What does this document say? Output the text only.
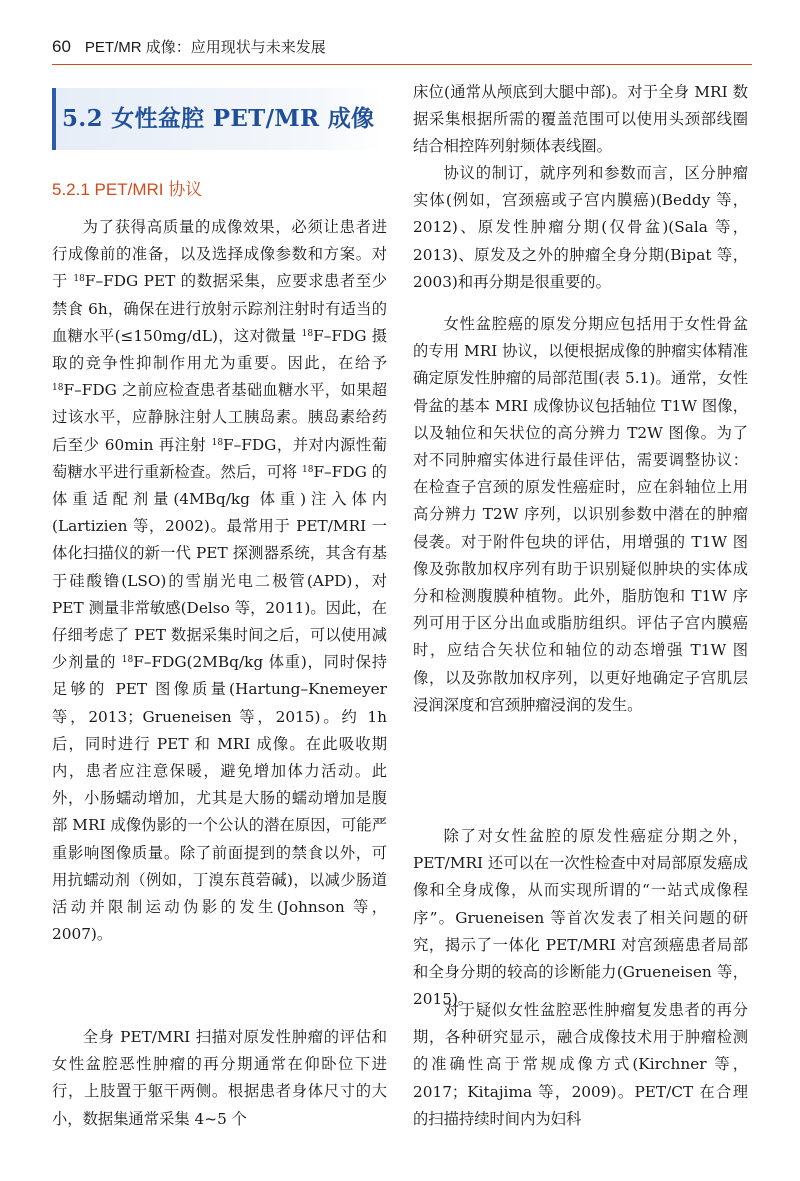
60 PET/MR 成像：应用现状与未来发展
5.2 女性盆腔 PET/MR 成像
5.2.1 PET/MRI 协议

为了获得高质量的成像效果，必须让患者进行成像前的准备，以及选择成像参数和方案。对于 $^{18}$F–FDG PET 的数据采集，应要求患者至少禁食 6h，确保在进行放射示踪剂注射时有适当的血糖水平(≤150mg/dL)，这对微量 $^{18}$F–FDG 摄取的竞争性抑制作用尤为重要。因此，在给予 $^{18}$F–FDG 之前应检查患者基础血糖水平，如果超过该水平，应静脉注射人工胰岛素。胰岛素给药后至少 60min 再注射 $^{18}$F–FDG，并对内源性葡萄糖水平进行重新检查。然后，可将 $^{18}$F–FDG 的体重适配剂量(4MBq/kg 体重)注入体内(Lartizien 等，2002)。最常用于 PET/MRI 一体化扫描仪的新一代 PET 探测器系统，其含有基于硅酸镥(LSO)的雪崩光电二极管(APD)，对 PET 测量非常敏感(Delso 等，2011)。因此，在仔细考虑了 PET 数据采集时间之后，可以使用减少剂量的 $^{18}$F–FDG(2MBq/kg 体重)，同时保持足够的 PET 图像质量(Hartung–Knemeyer 等，2013；Grueneisen 等，2015)。约 1h 后，同时进行 PET 和 MRI 成像。在此吸收期内，患者应注意保暖，避免增加体力活动。此外，小肠蠕动增加，尤其是大肠的蠕动增加是腹部 MRI 成像伪影的一个公认的潜在原因，可能严重影响图像质量。除了前面提到的禁食以外，可用抗蠕动剂（例如，丁溴东莨菪碱)，以减少肠道活动并限制运动伪影的发生(Johnson 等，2007)。

全身 PET/MRI 扫描对原发性肿瘤的评估和女性盆腔恶性肿瘤的再分期通常在仰卧位下进行，上肢置于躯干两侧。根据患者身体尺寸的大小，数据集通常采集 4~5 个

床位(通常从颅底到大腿中部)。对于全身 MRI 数据采集根据所需的覆盖范围可以使用头颈部线圈结合相控阵列射频体表线圈。

协议的制订，就序列和参数而言，区分肿瘤实体(例如，宫颈癌或子宫内膜癌)(Beddy 等，2012)、原发性肿瘤分期(仅骨盆)(Sala 等，2013)、原发及之外的肿瘤全身分期(Bipat 等，2003)和再分期是很重要的。

女性盆腔癌的原发分期应包括用于女性骨盆的专用 MRI 协议，以便根据成像的肿瘤实体精准确定原发性肿瘤的局部范围(表 5.1)。通常，女性骨盆的基本 MRI 成像协议包括轴位 T1W 图像，以及轴位和矢状位的高分辨力 T2W 图像。为了对不同肿瘤实体进行最佳评估，需要调整协议：在检查子宫颈的原发性癌症时，应在斜轴位上用高分辨力 T2W 序列，以识别参数中潜在的肿瘤侵袭。对于附件包块的评估，用增强的 T1W 图像及弥散加权序列有助于识别疑似肿块的实体成分和检测腹膜种植物。此外，脂肪饱和 T1W 序列可用于区分出血或脂肪组织。评估子宫内膜癌时，应结合矢状位和轴位的动态增强 T1W 图像，以及弥散加权序列，以更好地确定子宫肌层浸润深度和宫颈肿瘤浸润的发生。

除了对女性盆腔的原发性癌症分期之外，PET/MRI 还可以在一次性检查中对局部原发癌成像和全身成像，从而实现所谓的“一站式成像程序”。Grueneisen 等首次发表了相关问题的研究，揭示了一体化 PET/MRI 对宫颈癌患者局部和全身分期的较高的诊断能力(Grueneisen 等，2015)。

对于疑似女性盆腔恶性肿瘤复发患者的再分期，各种研究显示，融合成像技术用于肿瘤检测的准确性高于常规成像方式(Kirchner 等，2017；Kitajima 等，2009)。PET/CT 在合理的扫描持续时间内为妇科
